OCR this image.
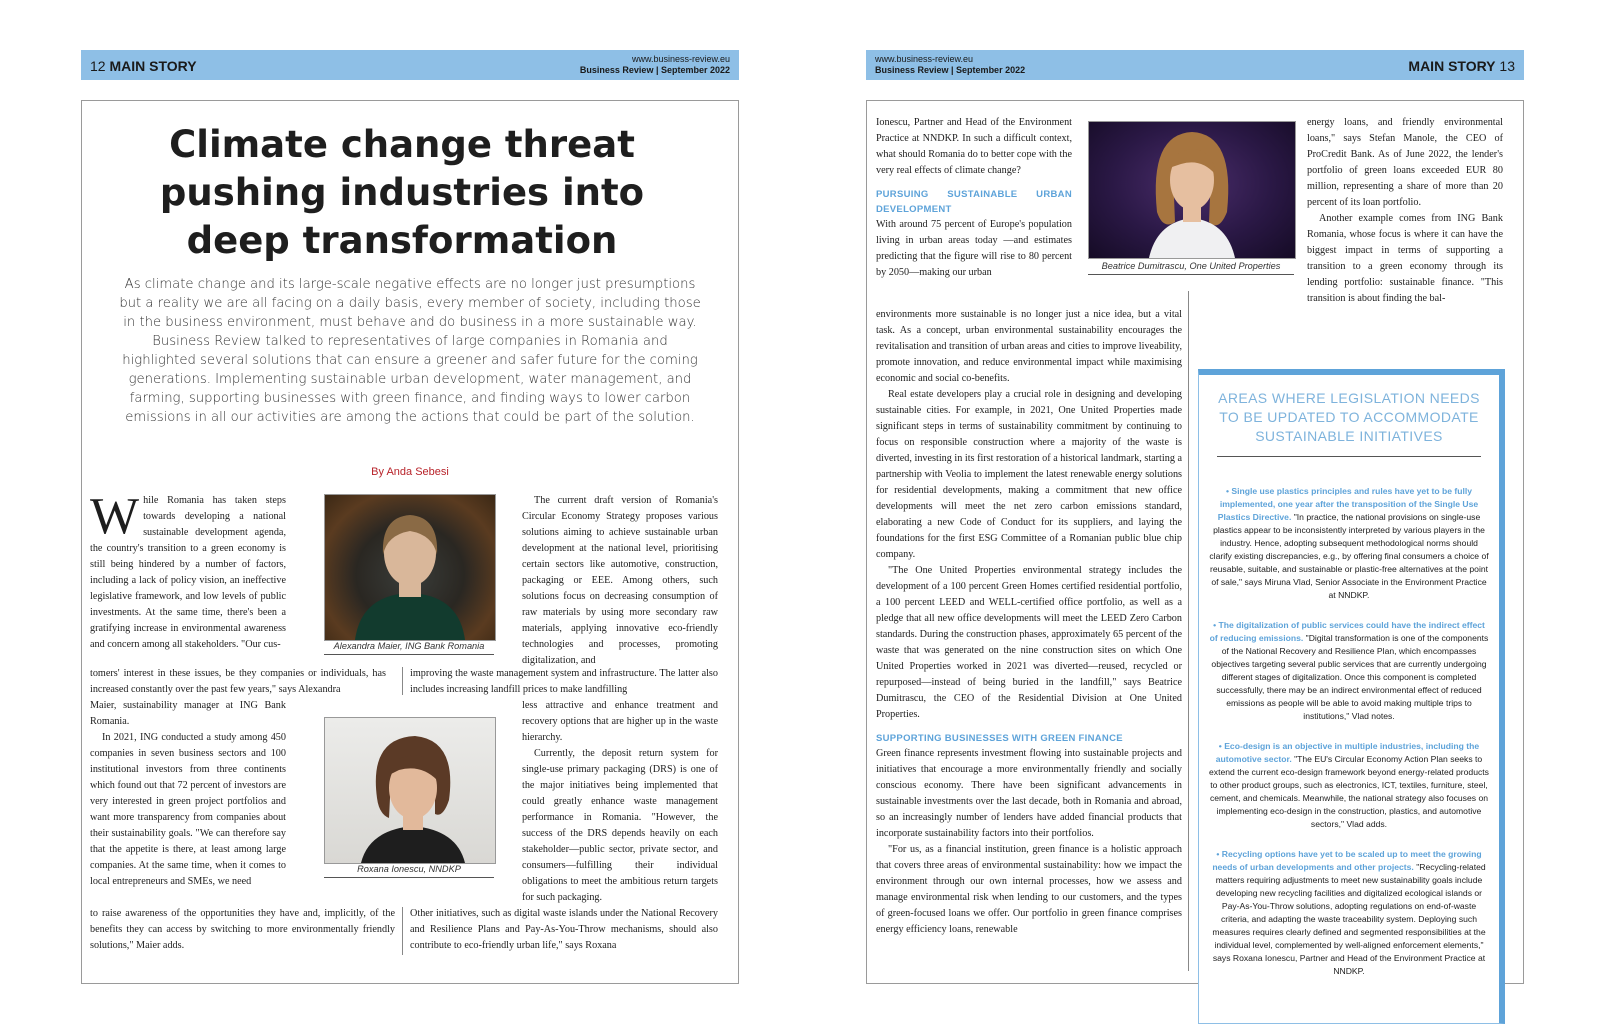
12 MAIN STORY	www.business-review.eu
Business Review | September 2022
Climate change threat pushing industries into deep transformation
As climate change and its large-scale negative effects are no longer just presumptions but a reality we are all facing on a daily basis, every member of society, including those in the business environment, must behave and do business in a more sustainable way. Business Review talked to representatives of large companies in Romania and highlighted several solutions that can ensure a greener and safer future for the coming generations. Implementing sustainable urban development, water management, and farming, supporting businesses with green finance, and finding ways to lower carbon emissions in all our activities are among the actions that could be part of the solution.
By Anda Sebesi

While Romania has taken steps towards developing a national sustainable development agenda, the country's transition to a green economy is still being hindered by a number of factors, including a lack of policy vision, an ineffective legislative framework, and low levels of public investments. At the same time, there's been a gratifying increase in environmental awareness and concern among all stakeholders. "Our cus-

tomers' interest in these issues, be they companies or individuals, has increased constantly over the past few years," says Alexandra

Maier, sustainability manager at ING Bank Romania.

In 2021, ING conducted a study among 450 companies in seven business sectors and 100 institutional investors from three continents which found out that 72 percent of investors are very interested in green project portfolios and want more transparency from companies about their sustainability goals. "We can therefore say that the appetite is there, at least among large companies. At the same time, when it comes to local entrepreneurs and SMEs, we need

to raise awareness of the opportunities they have and, implicitly, of the benefits they can access by switching to more environmentally friendly solutions," Maier adds.

Alexandra Maier, ING Bank Romania
Roxana Ionescu, NNDKP

The current draft version of Romania's Circular Economy Strategy proposes various solutions aiming to achieve sustainable urban development at the national level, prioritising certain sectors like automotive, construction, packaging or EEE. Among others, such solutions focus on decreasing consumption of raw materials by using more secondary raw materials, applying innovative eco-friendly technologies and processes, promoting digitalization, and

improving the waste management system and infrastructure. The latter also includes increasing landfill prices to make landfilling

less attractive and enhance treatment and recovery options that are higher up in the waste hierarchy.

Currently, the deposit return system for single-use primary packaging (DRS) is one of the major initiatives being implemented that could greatly enhance waste management performance in Romania. "However, the success of the DRS depends heavily on each stakeholder—public sector, private sector, and consumers—fulfilling their individual obligations to meet the ambitious return targets for such packaging.

Other initiatives, such as digital waste islands under the National Recovery and Resilience Plans and Pay-As-You-Throw mechanisms, should also contribute to eco-friendly urban life," says Roxana

www.business-review.eu
Business Review | September 2022	MAIN STORY 13

Ionescu, Partner and Head of the Environment Practice at NNDKP. In such a difficult context, what should Romania do to better cope with the very real effects of climate change?

PURSUING SUSTAINABLE URBAN DEVELOPMENT

With around 75 percent of Europe's population living in urban areas today —and estimates predicting that the figure will rise to 80 percent by 2050—making our urban

environments more sustainable is no longer just a nice idea, but a vital task. As a concept, urban environmental sustainability encourages the revitalisation and transition of urban areas and cities to improve liveability, promote innovation, and reduce environmental impact while maximising economic and social co-benefits.

Real estate developers play a crucial role in designing and developing sustainable cities. For example, in 2021, One United Properties made significant steps in terms of sustainability commitment by continuing to focus on responsible construction where a majority of the waste is diverted, investing in its first restoration of a historical landmark, starting a partnership with Veolia to implement the latest renewable energy solutions for residential developments, making a commitment that new office developments will meet the net zero carbon emissions standard, elaborating a new Code of Conduct for its suppliers, and laying the foundations for the first ESG Committee of a Romanian public blue chip company.

"The One United Properties environmental strategy includes the development of a 100 percent Green Homes certified residential portfolio, a 100 percent LEED and WELL-certified office portfolio, as well as a pledge that all new office developments will meet the LEED Zero Carbon standards. During the construction phases, approximately 65 percent of the waste that was generated on the nine construction sites on which One United Properties worked in 2021 was diverted—reused, recycled or repurposed—instead of being buried in the landfill," says Beatrice Dumitrascu, the CEO of the Residential Division at One United Properties.

SUPPORTING BUSINESSES WITH GREEN FINANCE

Green finance represents investment flowing into sustainable projects and initiatives that encourage a more environmentally friendly and socially conscious economy. There have been significant advancements in sustainable investments over the last decade, both in Romania and abroad, so an increasingly number of lenders have added financial products that incorporate sustainability factors into their portfolios.

"For us, as a financial institution, green finance is a holistic approach that covers three areas of environmental sustainability: how we impact the environment through our own internal processes, how we assess and manage environmental risk when lending to our customers, and the types of green-focused loans we offer. Our portfolio in green finance comprises energy efficiency loans, renewable

Beatrice Dumitrascu, One United Properties

energy loans, and friendly environmental loans," says Stefan Manole, the CEO of ProCredit Bank. As of June 2022, the lender's portfolio of green loans exceeded EUR 80 million, representing a share of more than 20 percent of its loan portfolio.

Another example comes from ING Bank Romania, whose focus is where it can have the biggest impact in terms of supporting a transition to a green economy through its lending portfolio: sustainable finance. "This transition is about finding the bal-

AREAS WHERE LEGISLATION NEEDS TO BE UPDATED TO ACCOMMODATE SUSTAINABLE INITIATIVES
• Single use plastics principles and rules have yet to be fully implemented, one year after the transposition of the Single Use Plastics Directive. "In practice, the national provisions on single-use plastics appear to be inconsistently interpreted by various players in the industry. Hence, adopting subsequent methodological norms should clarify existing discrepancies, e.g., by offering final consumers a choice of reusable, suitable, and sustainable or plastic-free alternatives at the point of sale," says Miruna Vlad, Senior Associate in the Environment Practice at NNDKP.
• The digitalization of public services could have the indirect effect of reducing emissions. "Digital transformation is one of the components of the National Recovery and Resilience Plan, which encompasses objectives targeting several public services that are currently undergoing different stages of digitalization. Once this component is completed successfully, there may be an indirect environmental effect of reduced emissions as people will be able to avoid making multiple trips to institutions," Vlad notes.
• Eco-design is an objective in multiple industries, including the automotive sector. "The EU's Circular Economy Action Plan seeks to extend the current eco-design framework beyond energy-related products to other product groups, such as electronics, ICT, textiles, furniture, steel, cement, and chemicals. Meanwhile, the national strategy also focuses on implementing eco-design in the construction, plastics, and automotive sectors," Vlad adds.
• Recycling options have yet to be scaled up to meet the growing needs of urban developments and other projects. "Recycling-related matters requiring adjustments to meet new sustainability goals include developing new recycling facilities and digitalized ecological islands or Pay-As-You-Throw solutions, adopting regulations on end-of-waste criteria, and adapting the waste traceability system. Deploying such measures requires clearly defined and segmented responsibilities at the individual level, complemented by well-aligned enforcement elements," says Roxana Ionescu, Partner and Head of the Environment Practice at NNDKP.
